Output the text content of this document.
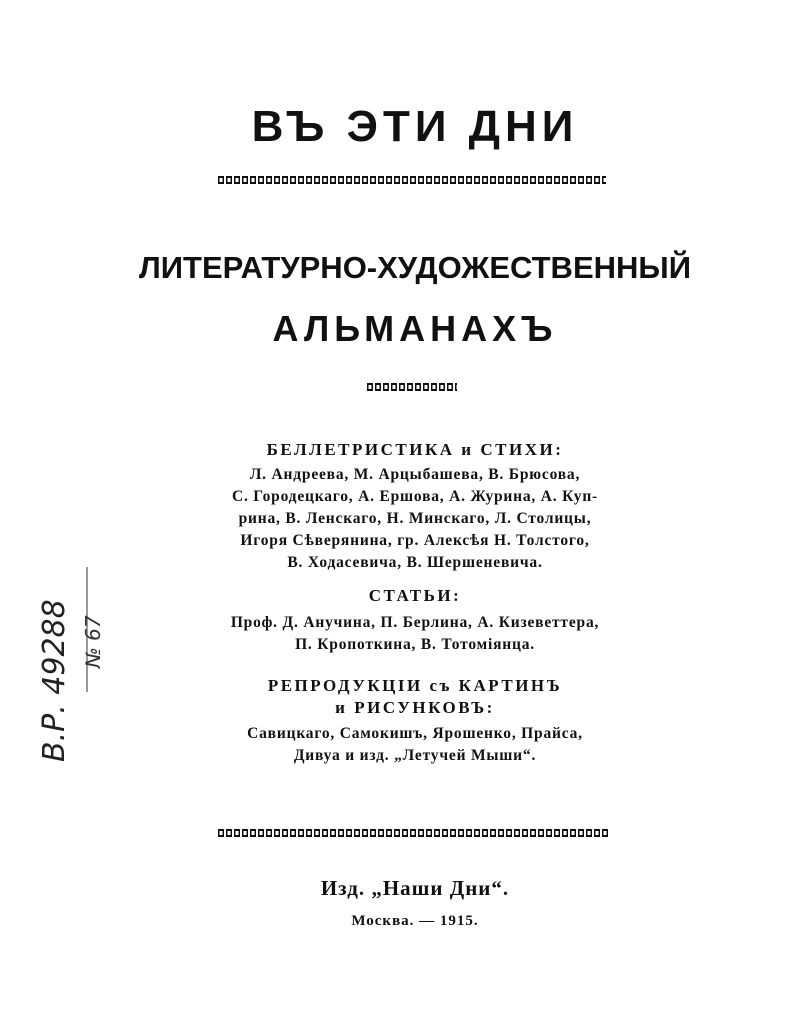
ВЪ ЭТИ ДНИ
ЛИТЕРАТУРНО-ХУДОЖЕСТВЕННЫЙ
АЛЬМАНАХЪ
БЕЛЛЕТРИСТИКА и СТИХИ:
Л. Андреева, М. Арцыбашева, В. Брюсова,
С. Городецкаго, А. Ершова, А. Журина, А. Куп-
рина, В. Ленскаго, Н. Минскаго, Л. Столицы,
Игоря Сѣверянина, гр. Алексѣя Н. Толстого,
В. Ходасевича, В. Шершеневича.
СТАТЬИ:
Проф. Д. Анучина, П. Берлина, А. Кизеветтера,
П. Кропоткина, В. Тотоміянца.
РЕПРОДУКЦІИ съ КАРТИНЪ
и РИСУНКОВЪ:
Савицкаго, Самокишъ, Ярошенко, Прайса,
Дивуа и изд. „Летучей Мыши“.
Изд. „Наши Дни“.
Москва. — 1915.
В.Р. 49288 № 67
